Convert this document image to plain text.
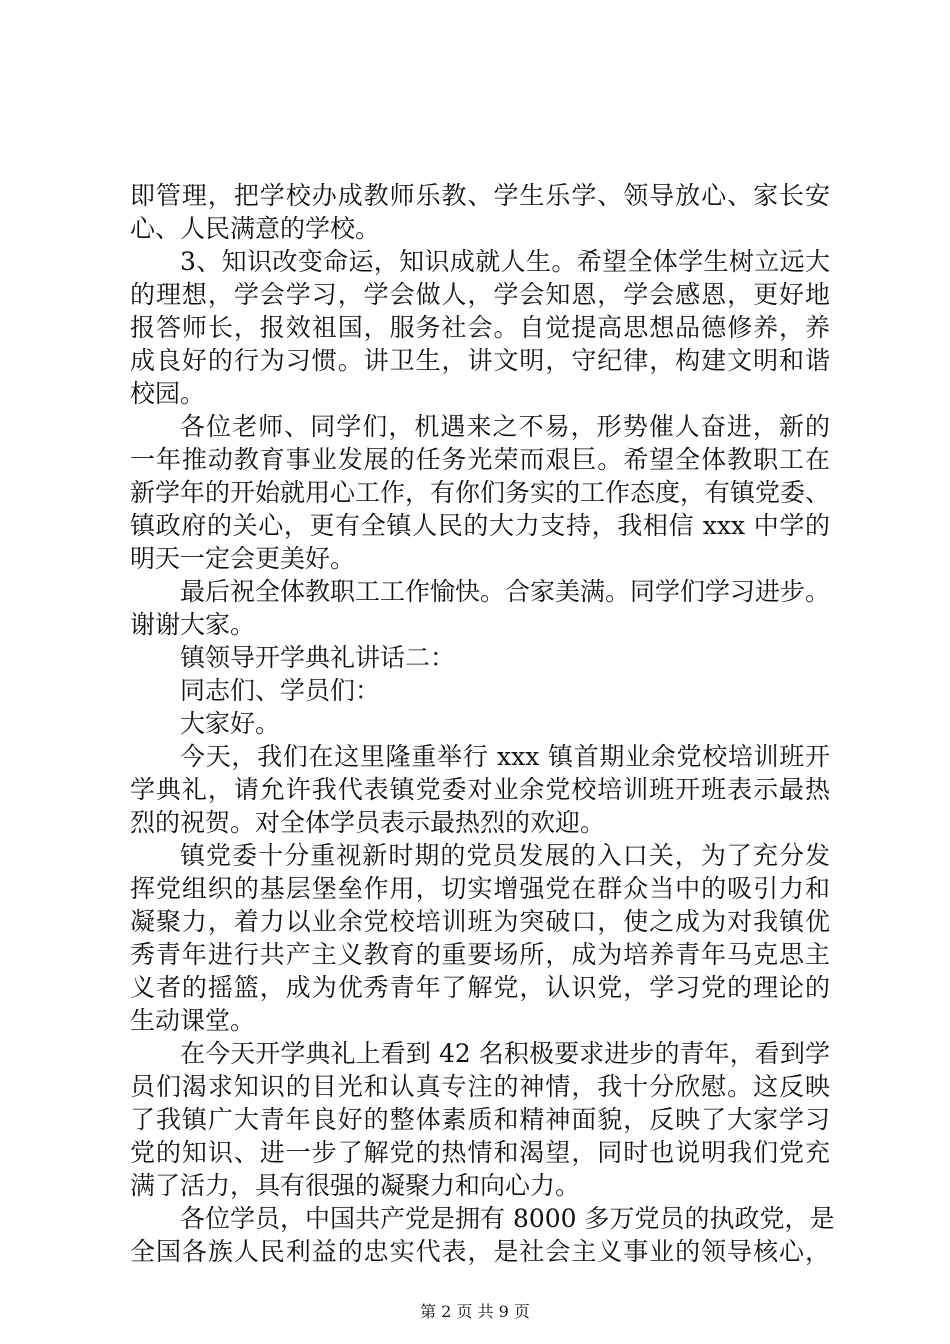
即管理，把学校办成教师乐教、学生乐学、领导放心、家长安
心、人民满意的学校。
3、知识改变命运，知识成就人生。希望全体学生树立远大
的理想，学会学习，学会做人，学会知恩，学会感恩，更好地
报答师长，报效祖国，服务社会。自觉提高思想品德修养，养
成良好的行为习惯。讲卫生，讲文明，守纪律，构建文明和谐
校园。
各位老师、同学们，机遇来之不易，形势催人奋进，新的
一年推动教育事业发展的任务光荣而艰巨。希望全体教职工在
新学年的开始就用心工作，有你们务实的工作态度，有镇党委、
镇政府的关心，更有全镇人民的大力支持，我相信 xxx 中学的
明天一定会更美好。
最后祝全体教职工工作愉快。合家美满。同学们学习进步。
谢谢大家。
镇领导开学典礼讲话二：
同志们、学员们：
大家好。
今天，我们在这里隆重举行 xxx 镇首期业余党校培训班开
学典礼，请允许我代表镇党委对业余党校培训班开班表示最热
烈的祝贺。对全体学员表示最热烈的欢迎。
镇党委十分重视新时期的党员发展的入口关，为了充分发
挥党组织的基层堡垒作用，切实增强党在群众当中的吸引力和
凝聚力，着力以业余党校培训班为突破口，使之成为对我镇优
秀青年进行共产主义教育的重要场所，成为培养青年马克思主
义者的摇篮，成为优秀青年了解党，认识党，学习党的理论的
生动课堂。
在今天开学典礼上看到 42 名积极要求进步的青年，看到学
员们渴求知识的目光和认真专注的神情，我十分欣慰。这反映
了我镇广大青年良好的整体素质和精神面貌，反映了大家学习
党的知识、进一步了解党的热情和渴望，同时也说明我们党充
满了活力，具有很强的凝聚力和向心力。
各位学员，中国共产党是拥有 8000 多万党员的执政党，是
全国各族人民利益的忠实代表，是社会主义事业的领导核心，
第 2 页 共 9 页
